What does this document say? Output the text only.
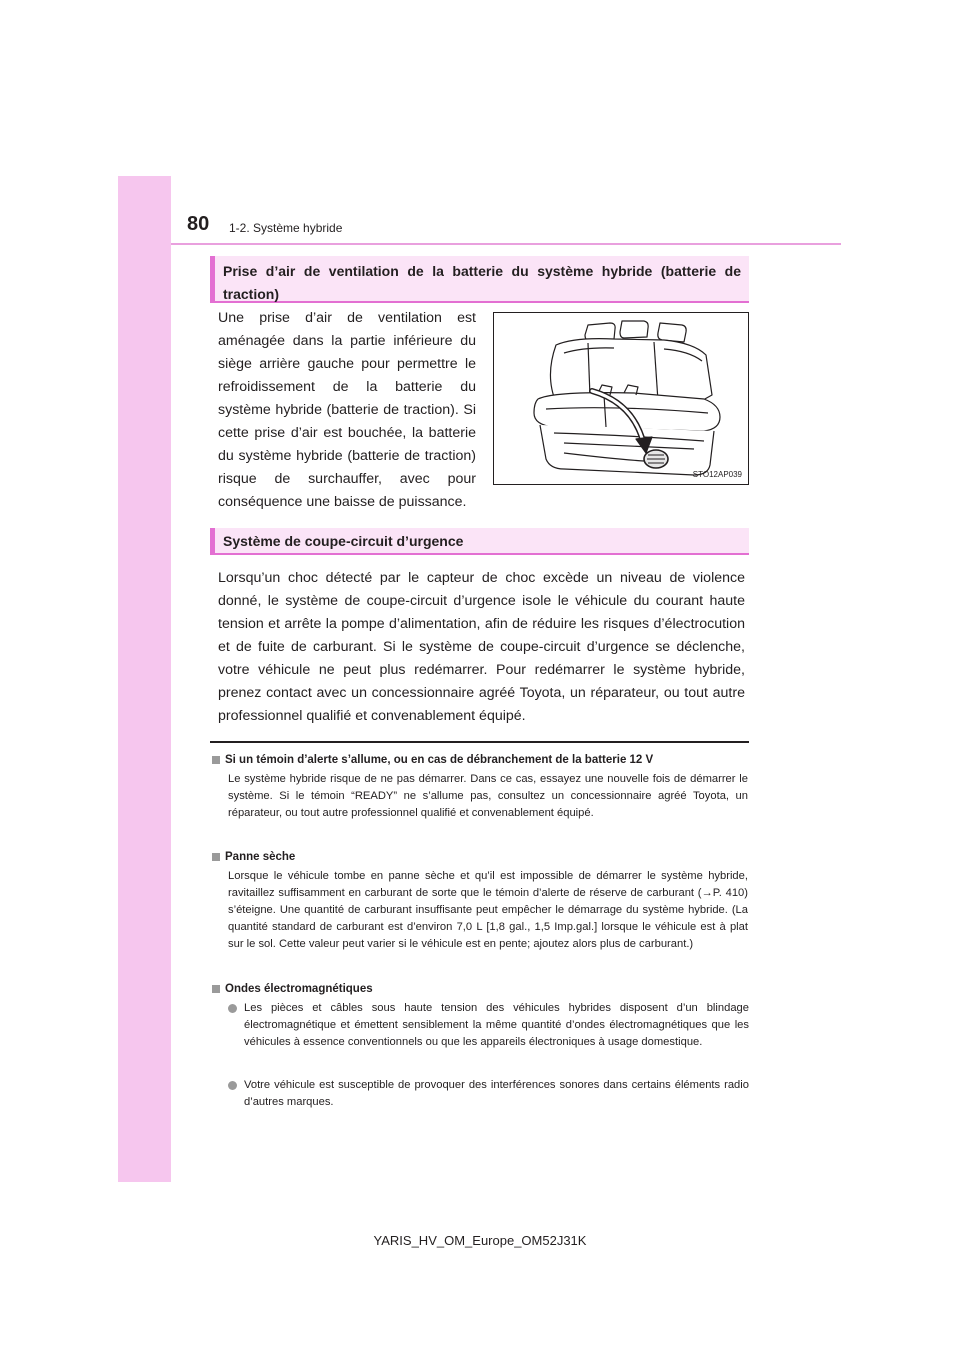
80 1-2. Système hybride
Prise d’air de ventilation de la batterie du système hybride (batterie de traction)

Une prise d’air de ventilation est aménagée dans la partie inférieure du siège arrière gauche pour permettre le refroidissement de la batterie du système hybride (batterie de traction). Si cette prise d’air est bouchée, la batterie du système hybride (batterie de traction) risque de surchauffer, avec pour conséquence une baisse de puissance.

STO12AP039
Système de coupe-circuit d’urgence

Lorsqu’un choc détecté par le capteur de choc excède un niveau de violence donné, le système de coupe-circuit d’urgence isole le véhicule du courant haute tension et arrête la pompe d’alimentation, afin de réduire les risques d’électrocution et de fuite de carburant. Si le système de coupe-circuit d’urgence se déclenche, votre véhicule ne peut plus redémarrer. Pour redémarrer le système hybride, prenez contact avec un concessionnaire agréé Toyota, un réparateur, ou tout autre professionnel qualifié et convenablement équipé.

Si un témoin d’alerte s’allume, ou en cas de débranchement de la batterie 12 V

Le système hybride risque de ne pas démarrer. Dans ce cas, essayez une nouvelle fois de démarrer le système. Si le témoin “READY” ne s’allume pas, consultez un concessionnaire agréé Toyota, un réparateur, ou tout autre professionnel qualifié et convenablement équipé.

Panne sèche

Lorsque le véhicule tombe en panne sèche et qu’il est impossible de démarrer le système hybride, ravitaillez suffisamment en carburant de sorte que le témoin d’alerte de réserve de carburant (→P. 410) s’éteigne. Une quantité de carburant insuffisante peut empêcher le démarrage du système hybride. (La quantité standard de carburant est d’environ 7,0 L [1,8 gal., 1,5 Imp.gal.] lorsque le véhicule est à plat sur le sol. Cette valeur peut varier si le véhicule est en pente; ajoutez alors plus de carburant.)

Ondes électromagnétiques
Les pièces et câbles sous haute tension des véhicules hybrides disposent d’un blindage électromagnétique et émettent sensiblement la même quantité d’ondes électromagnétiques que les véhicules à essence conventionnels ou que les appareils électroniques à usage domestique.
Votre véhicule est susceptible de provoquer des interférences sonores dans certains éléments radio d’autres marques.
YARIS_HV_OM_Europe_OM52J31K
